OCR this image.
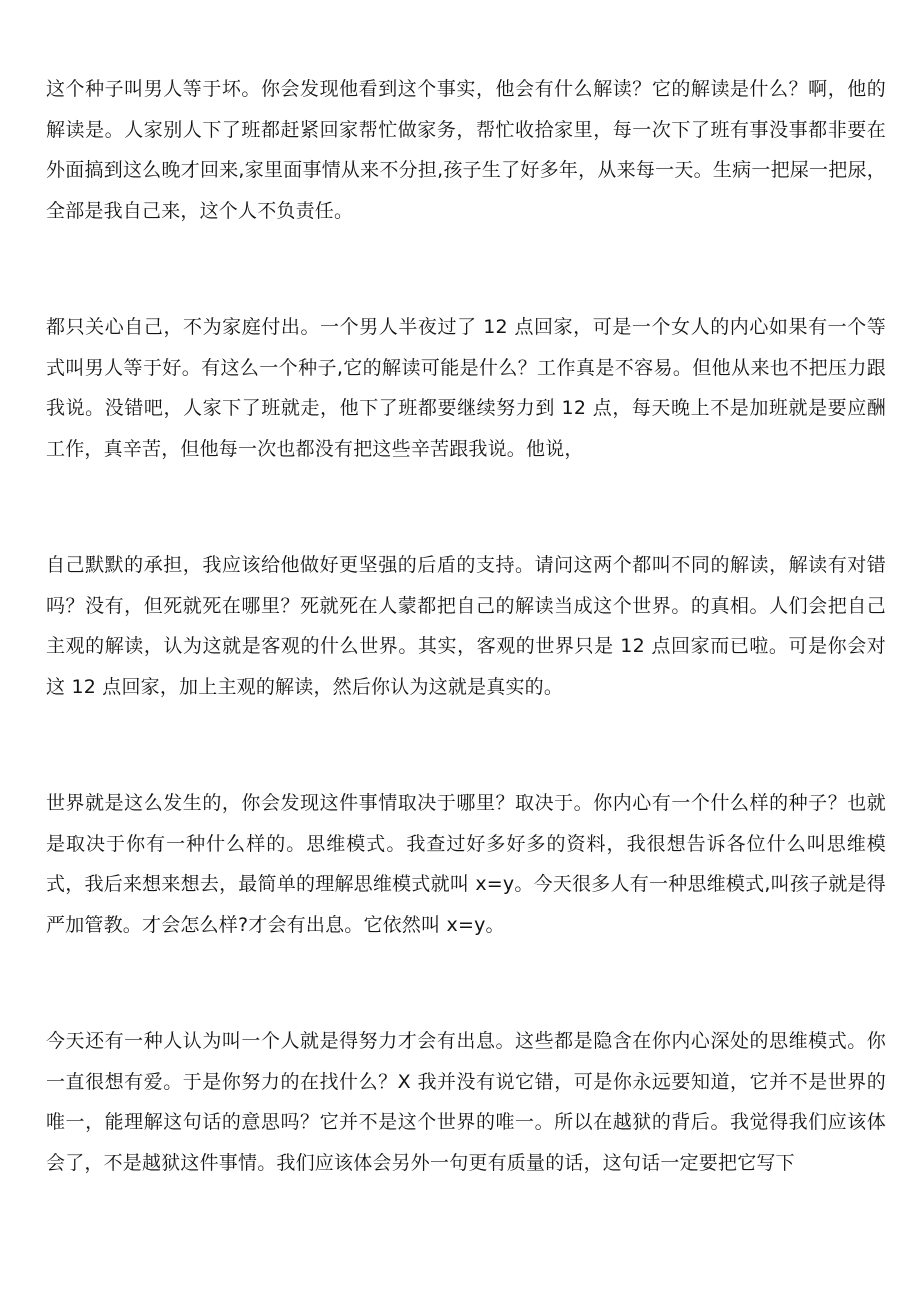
这个种子叫男人等于坏。你会发现他看到这个事实，他会有什么解读？它的解读是什么？啊，他的解读是。人家别人下了班都赶紧回家帮忙做家务，帮忙收拾家里，每一次下了班有事没事都非要在外面搞到这么晚才回来,家里面事情从来不分担,孩子生了好多年，从来每一天。生病一把屎一把尿，全部是我自己来，这个人不负责任。

都只关心自己，不为家庭付出。一个男人半夜过了 12 点回家，可是一个女人的内心如果有一个等式叫男人等于好。有这么一个种子,它的解读可能是什么？工作真是不容易。但他从来也不把压力跟我说。没错吧，人家下了班就走，他下了班都要继续努力到 12 点，每天晚上不是加班就是要应酬工作，真辛苦，但他每一次也都没有把这些辛苦跟我说。他说，

自己默默的承担，我应该给他做好更坚强的后盾的支持。请问这两个都叫不同的解读，解读有对错吗？没有，但死就死在哪里？死就死在人蒙都把自己的解读当成这个世界。的真相。人们会把自己主观的解读，认为这就是客观的什么世界。其实，客观的世界只是 12 点回家而已啦。可是你会对这 12 点回家，加上主观的解读，然后你认为这就是真实的。

世界就是这么发生的，你会发现这件事情取决于哪里？取决于。你内心有一个什么样的种子？也就是取决于你有一种什么样的。思维模式。我查过好多好多的资料，我很想告诉各位什么叫思维模式，我后来想来想去，最简单的理解思维模式就叫 x=y。今天很多人有一种思维模式,叫孩子就是得严加管教。才会怎么样?才会有出息。它依然叫 x=y。

今天还有一种人认为叫一个人就是得努力才会有出息。这些都是隐含在你内心深处的思维模式。你一直很想有爱。于是你努力的在找什么？X 我并没有说它错，可是你永远要知道，它并不是世界的唯一，能理解这句话的意思吗？它并不是这个世界的唯一。所以在越狱的背后。我觉得我们应该体会了，不是越狱这件事情。我们应该体会另外一句更有质量的话，这句话一定要把它写下
